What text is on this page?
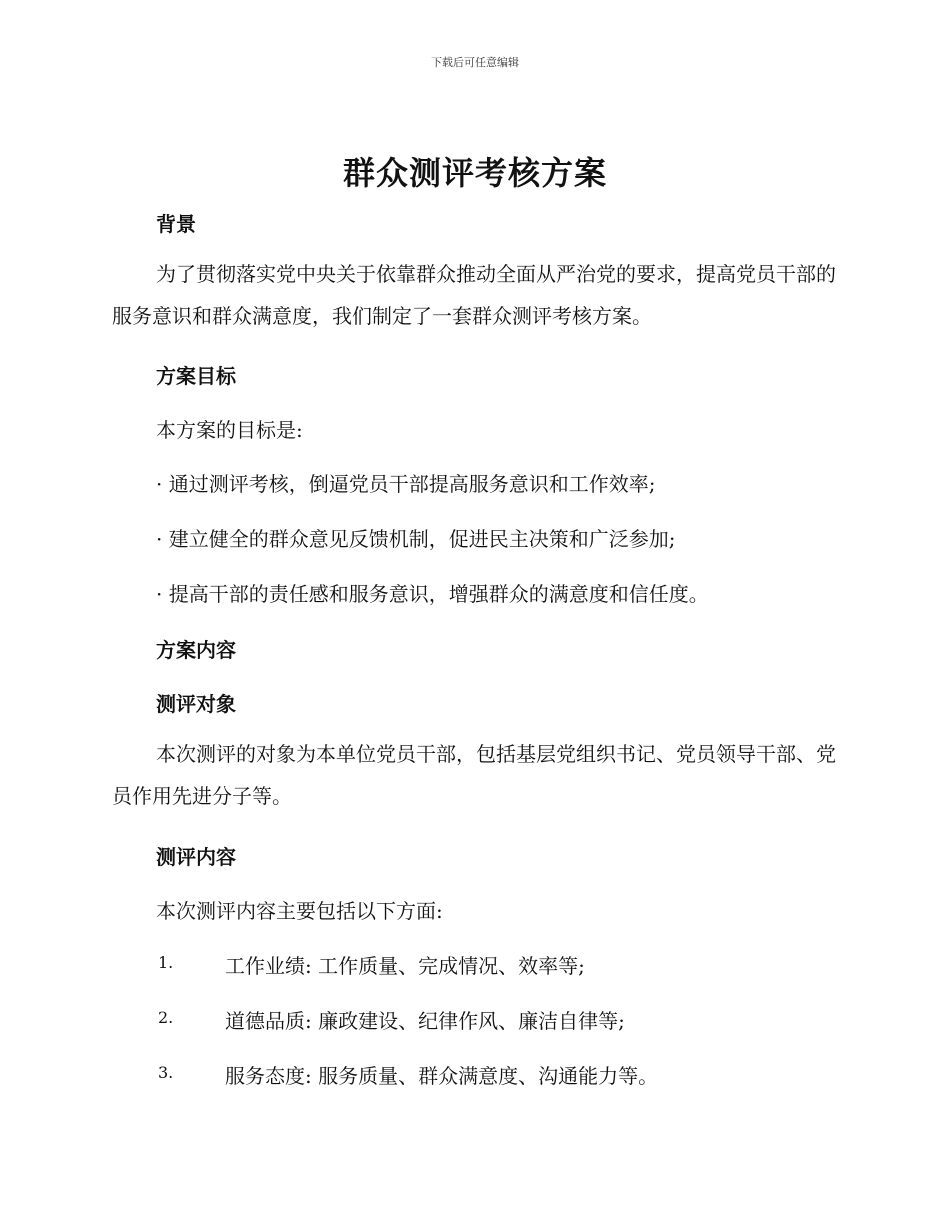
下载后可任意编辑
群众测评考核方案
背景

为了贯彻落实党中央关于依靠群众推动全面从严治党的要求，提高党员干部的服务意识和群众满意度，我们制定了一套群众测评考核方案。

方案目标

本方案的目标是:

· 通过测评考核，倒逼党员干部提高服务意识和工作效率;

· 建立健全的群众意见反馈机制，促进民主决策和广泛参加;

· 提高干部的责任感和服务意识，增强群众的满意度和信任度。

方案内容
测评对象

本次测评的对象为本单位党员干部，包括基层党组织书记、党员领导干部、党员作用先进分子等。

测评内容

本次测评内容主要包括以下方面:

1.	工作业绩: 工作质量、完成情况、效率等;

2.	道德品质: 廉政建设、纪律作风、廉洁自律等;

3.	服务态度: 服务质量、群众满意度、沟通能力等。
